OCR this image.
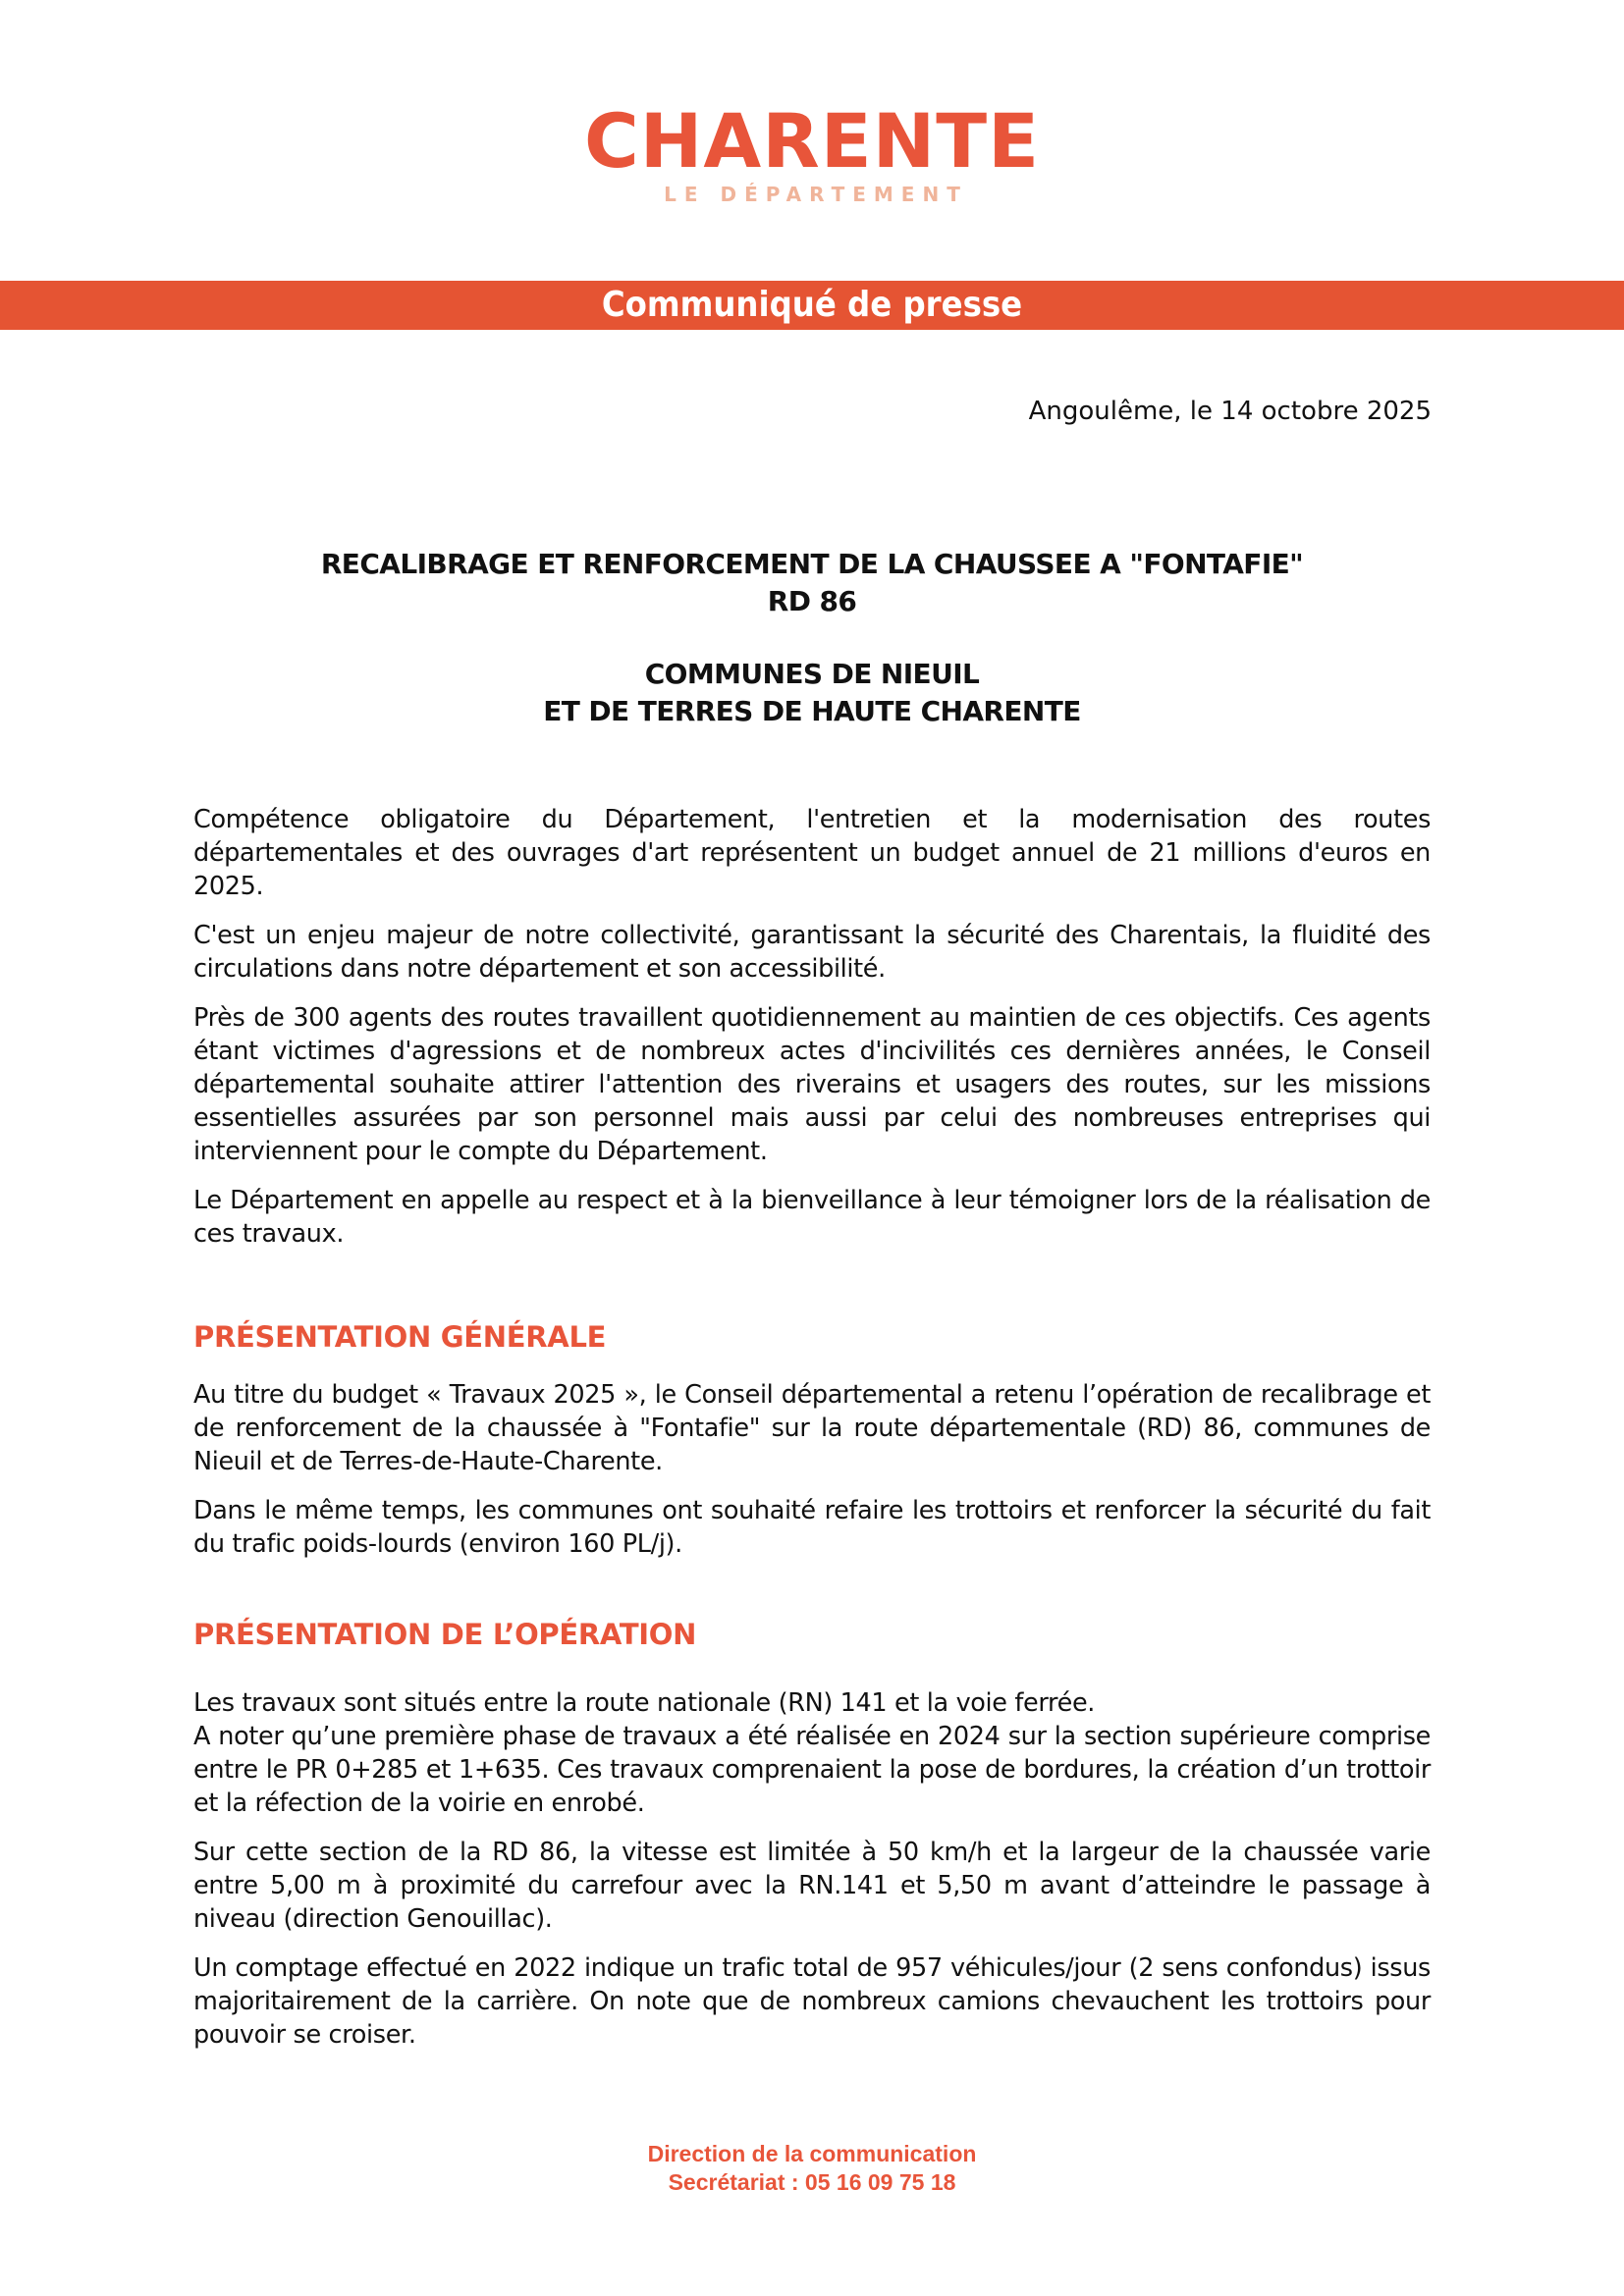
CHARENTE
LE DÉPARTEMENT
Communiqué de presse
Angoulême, le 14 octobre 2025
RECALIBRAGE ET RENFORCEMENT DE LA CHAUSSEE A "FONTAFIE"
RD 86
COMMUNES DE NIEUIL
ET DE TERRES DE HAUTE CHARENTE

Compétence obligatoire du Département, l'entretien et la modernisation des routes départementales et des ouvrages d'art représentent un budget annuel de 21 millions d'euros en 2025.

C'est un enjeu majeur de notre collectivité, garantissant la sécurité des Charentais, la fluidité des circulations dans notre département et son accessibilité.

Près de 300 agents des routes travaillent quotidiennement au maintien de ces objectifs. Ces agents étant victimes d'agressions et de nombreux actes d'incivilités ces dernières années, le Conseil départemental souhaite attirer l'attention des riverains et usagers des routes, sur les missions essentielles assurées par son personnel mais aussi par celui des nombreuses entreprises qui interviennent pour le compte du Département.

Le Département en appelle au respect et à la bienveillance à leur témoigner lors de la réalisation de ces travaux.

PRÉSENTATION GÉNÉRALE

Au titre du budget « Travaux 2025 », le Conseil départemental a retenu l’opération de recalibrage et de renforcement de la chaussée à "Fontafie" sur la route départementale (RD) 86, communes de Nieuil et de Terres-de-Haute-Charente.

Dans le même temps, les communes ont souhaité refaire les trottoirs et renforcer la sécurité du fait du trafic poids-lourds (environ 160 PL/j).

PRÉSENTATION DE L’OPÉRATION

Les travaux sont situés entre la route nationale (RN) 141 et la voie ferrée.

A noter qu’une première phase de travaux a été réalisée en 2024 sur la section supérieure comprise entre le PR 0+285 et 1+635. Ces travaux comprenaient la pose de bordures, la création d’un trottoir et la réfection de la voirie en enrobé.

Sur cette section de la RD 86, la vitesse est limitée à 50 km/h et la largeur de la chaussée varie entre 5,00 m à proximité du carrefour avec la RN.141 et 5,50 m avant d’atteindre le passage à niveau (direction Genouillac).

Un comptage effectué en 2022 indique un trafic total de 957 véhicules/jour (2 sens confondus) issus majoritairement de la carrière. On note que de nombreux camions chevauchent les trottoirs pour pouvoir se croiser.

Direction de la communication
Secrétariat : 05 16 09 75 18
